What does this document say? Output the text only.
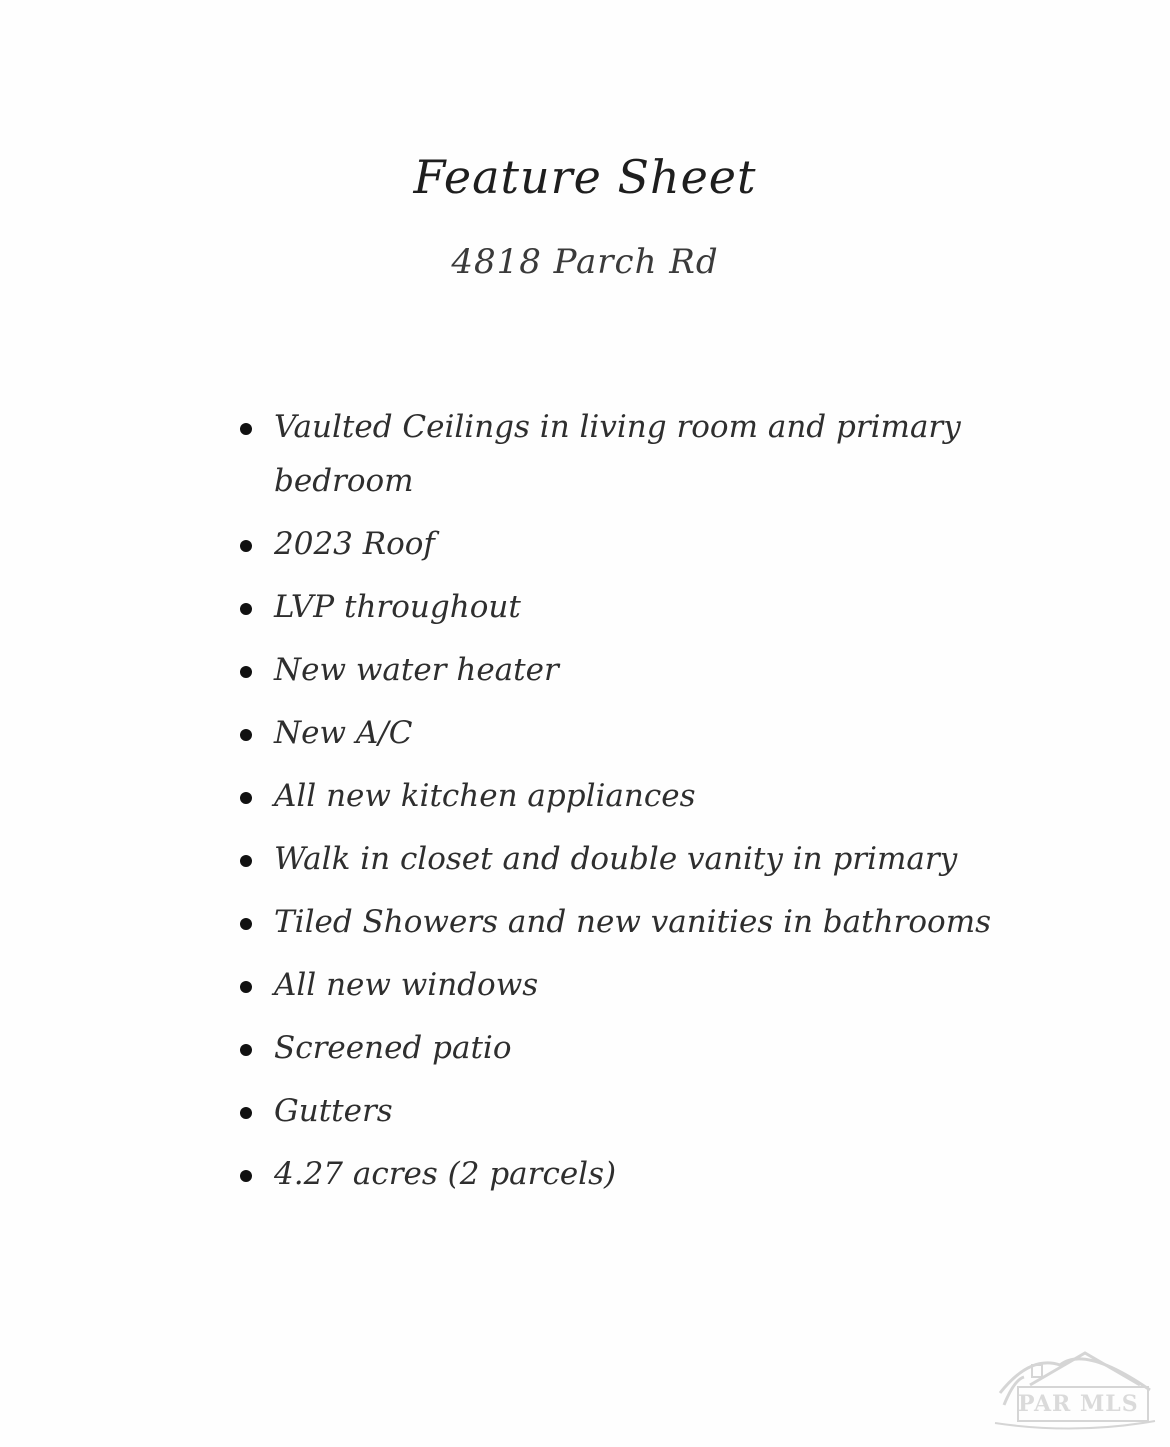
Feature Sheet
4818 Parch Rd
Vaulted Ceilings in living room and primary bedroom
2023 Roof
LVP throughout
New water heater
New A/C
All new kitchen appliances
Walk in closet and double vanity in primary
Tiled Showers and new vanities in bathrooms
All new windows
Screened patio
Gutters
4.27 acres (2 parcels)
PAR MLS
